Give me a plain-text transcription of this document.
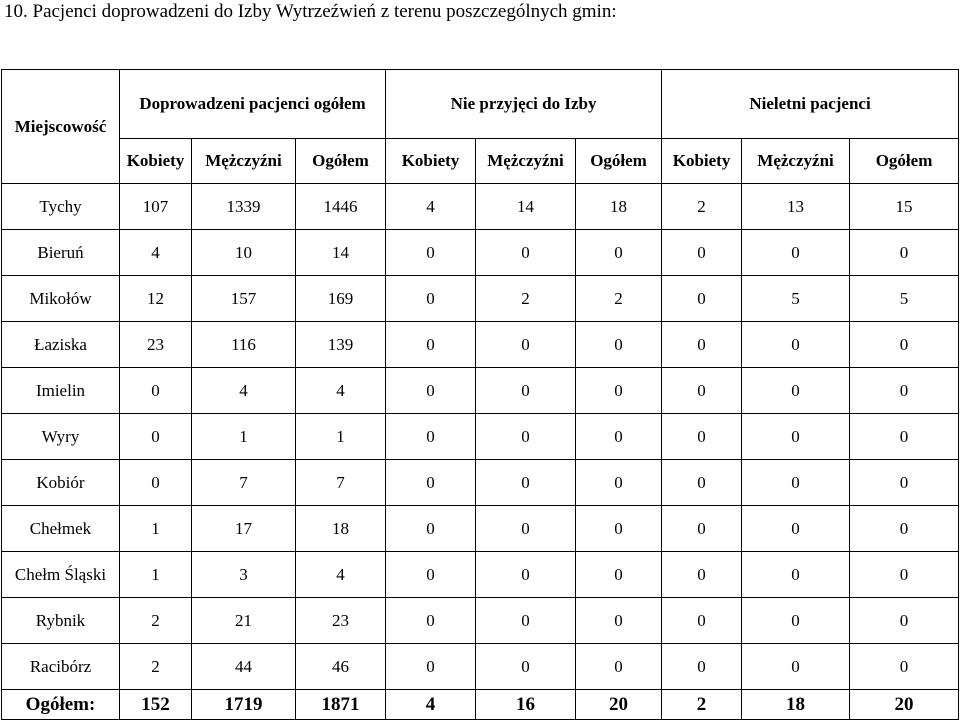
10. Pacjenci doprowadzeni do Izby Wytrzeźwień z terenu poszczególnych gmin:
Miejscowość	Doprowadzeni pacjenci ogółem			Nie przyjęci do Izby			Nieletni pacjenci		
	Kobiety	Mężczyźni	Ogółem	Kobiety	Mężczyźni	Ogółem	Kobiety	Mężczyźni	Ogółem
Tychy	107	1339	1446	4	14	18	2	13	15
Bieruń	4	10	14	0	0	0	0	0	0
Mikołów	12	157	169	0	2	2	0	5	5
Łaziska	23	116	139	0	0	0	0	0	0
Imielin	0	4	4	0	0	0	0	0	0
Wyry	0	1	1	0	0	0	0	0	0
Kobiór	0	7	7	0	0	0	0	0	0
Chełmek	1	17	18	0	0	0	0	0	0
Chełm Śląski	1	3	4	0	0	0	0	0	0
Rybnik	2	21	23	0	0	0	0	0	0
Racibórz	2	44	46	0	0	0	0	0	0
Ogółem:	152	1719	1871	4	16	20	2	18	20
